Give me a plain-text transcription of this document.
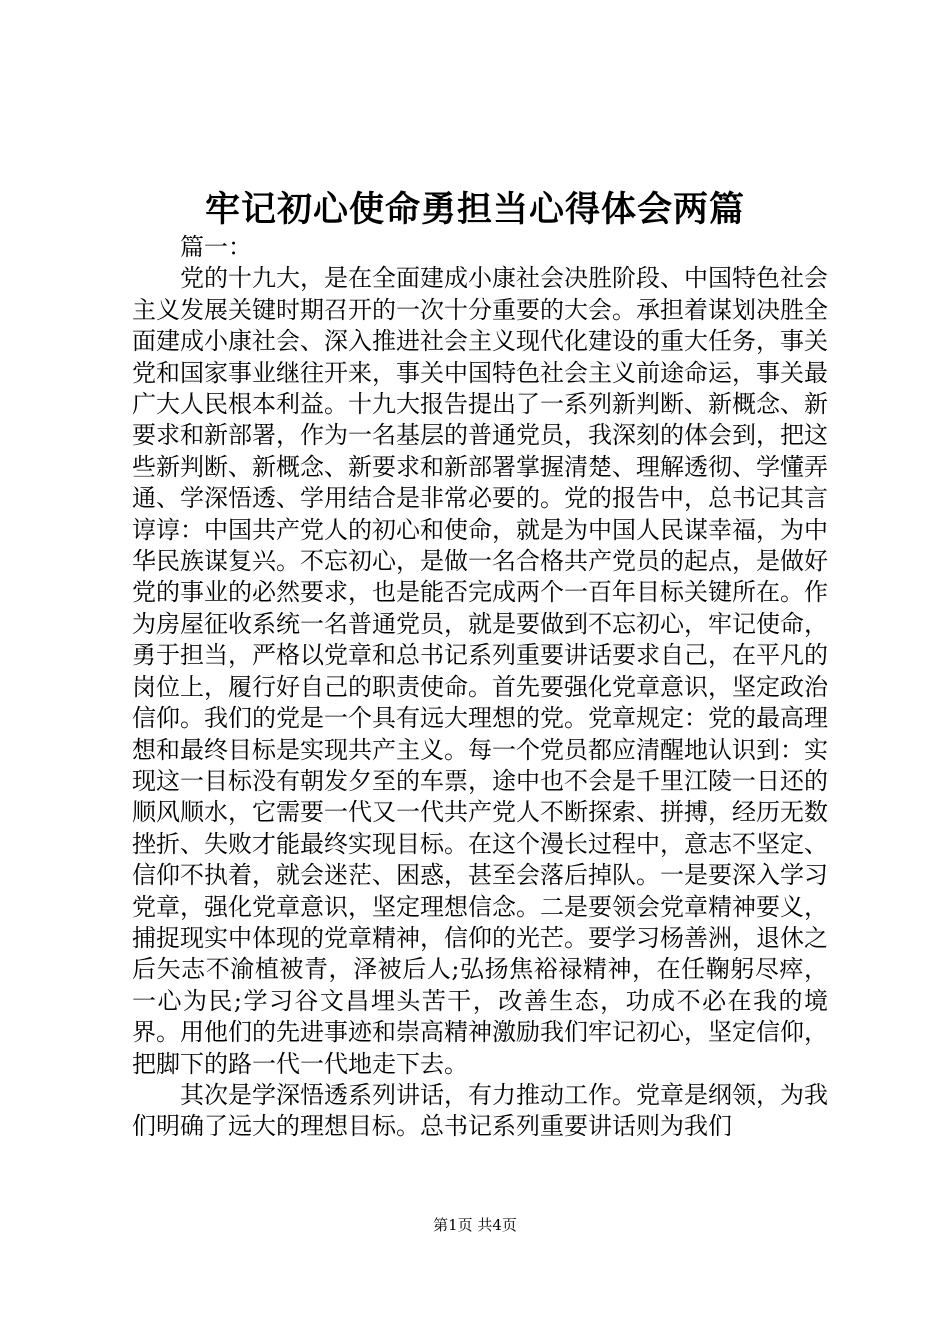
牢记初心使命勇担当心得体会两篇

篇一：

党的十九大，是在全面建成小康社会决胜阶段、中国特色社会主义发展关键时期召开的一次十分重要的大会。承担着谋划决胜全面建成小康社会、深入推进社会主义现代化建设的重大任务，事关党和国家事业继往开来，事关中国特色社会主义前途命运，事关最广大人民根本利益。十九大报告提出了一系列新判断、新概念、新要求和新部署，作为一名基层的普通党员，我深刻的体会到，把这些新判断、新概念、新要求和新部署掌握清楚、理解透彻、学懂弄通、学深悟透、学用结合是非常必要的。党的报告中，总书记其言谆谆：中国共产党人的初心和使命，就是为中国人民谋幸福，为中华民族谋复兴。不忘初心，是做一名合格共产党员的起点，是做好党的事业的必然要求，也是能否完成两个一百年目标关键所在。作为房屋征收系统一名普通党员，就是要做到不忘初心，牢记使命，勇于担当，严格以党章和总书记系列重要讲话要求自己，在平凡的岗位上，履行好自己的职责使命。首先要强化党章意识，坚定政治信仰。我们的党是一个具有远大理想的党。党章规定：党的最高理想和最终目标是实现共产主义。每一个党员都应清醒地认识到：实现这一目标没有朝发夕至的车票，途中也不会是千里江陵一日还的顺风顺水，它需要一代又一代共产党人不断探索、拼搏，经历无数挫折、失败才能最终实现目标。在这个漫长过程中，意志不坚定、信仰不执着，就会迷茫、困惑，甚至会落后掉队。一是要深入学习党章，强化党章意识，坚定理想信念。二是要领会党章精神要义，捕捉现实中体现的党章精神，信仰的光芒。要学习杨善洲，退休之后矢志不渝植被青，泽被后人;弘扬焦裕禄精神，在任鞠躬尽瘁，一心为民;学习谷文昌埋头苦干，改善生态，功成不必在我的境界。用他们的先进事迹和崇高精神激励我们牢记初心，坚定信仰，把脚下的路一代一代地走下去。

其次是学深悟透系列讲话，有力推动工作。党章是纲领，为我们明确了远大的理想目标。总书记系列重要讲话则为我们

第1页 共4页
